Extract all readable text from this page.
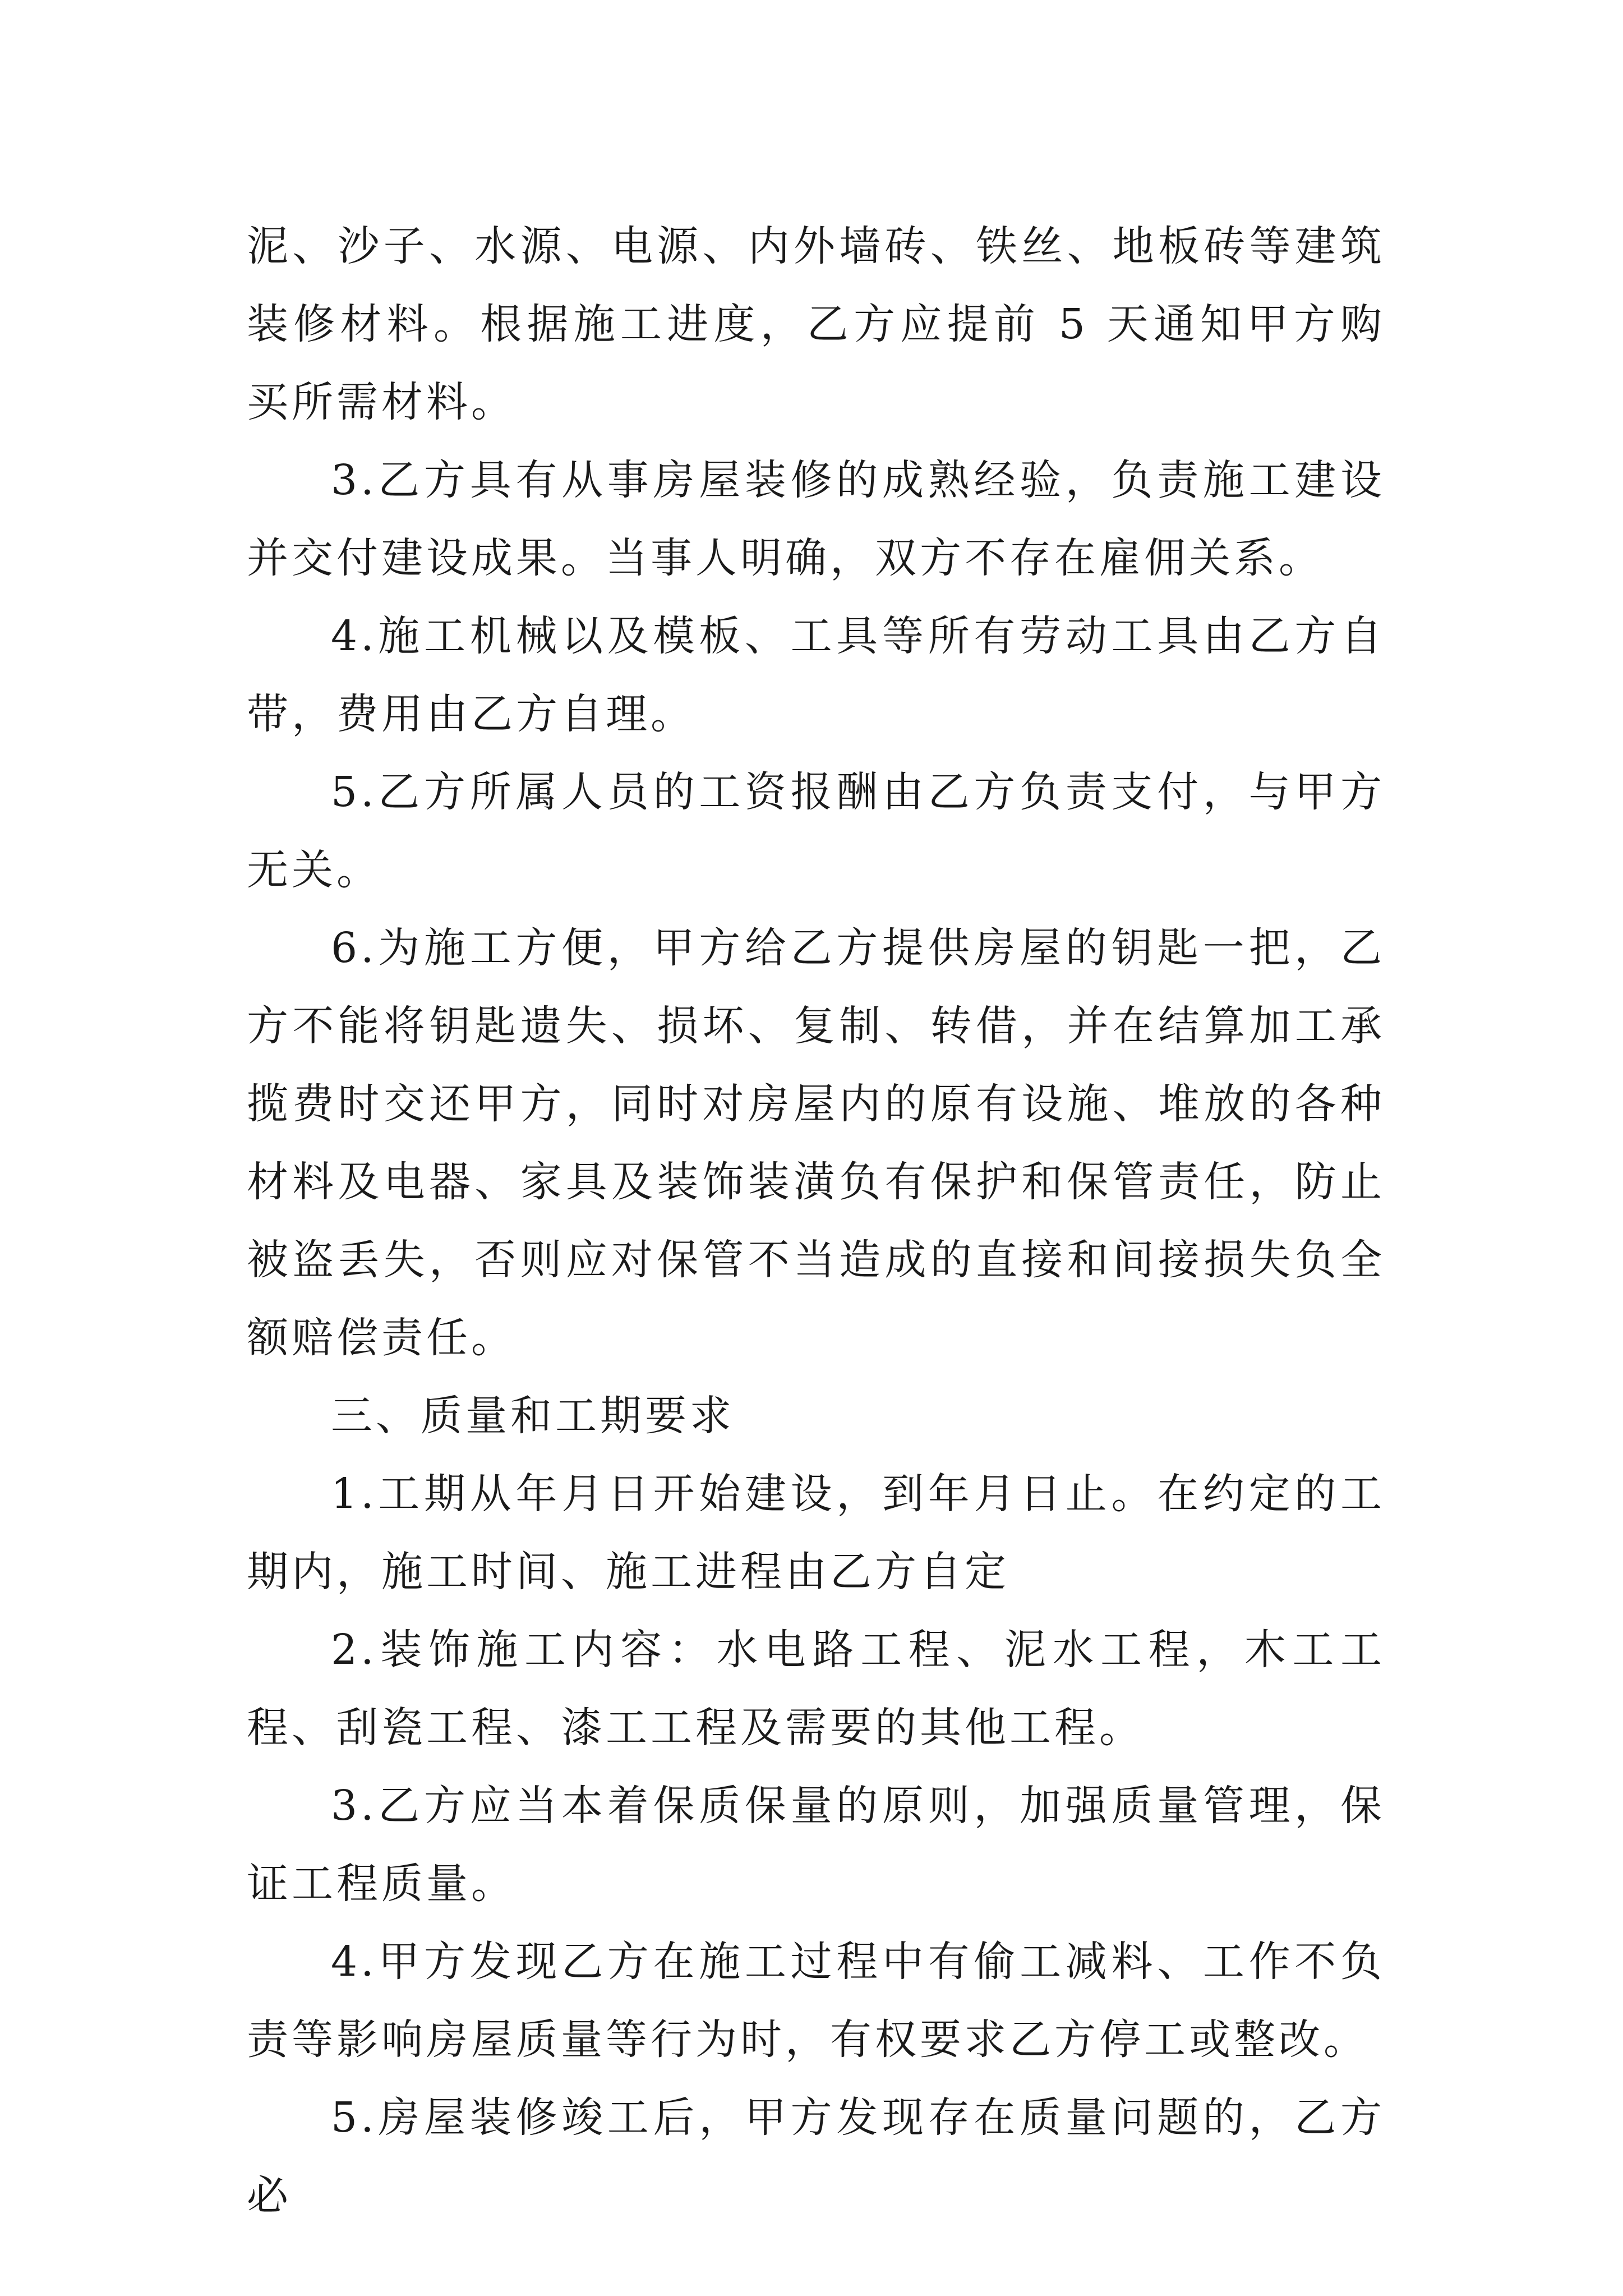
泥、沙子、水源、电源、内外墙砖、铁丝、地板砖等建筑装修材料。根据施工进度，乙方应提前 5 天通知甲方购买所需材料。

3.乙方具有从事房屋装修的成熟经验，负责施工建设并交付建设成果。当事人明确，双方不存在雇佣关系。

4.施工机械以及模板、工具等所有劳动工具由乙方自带，费用由乙方自理。

5.乙方所属人员的工资报酬由乙方负责支付，与甲方无关。

6.为施工方便，甲方给乙方提供房屋的钥匙一把，乙方不能将钥匙遗失、损坏、复制、转借，并在结算加工承揽费时交还甲方，同时对房屋内的原有设施、堆放的各种材料及电器、家具及装饰装潢负有保护和保管责任，防止被盗丢失，否则应对保管不当造成的直接和间接损失负全额赔偿责任。

三、质量和工期要求

1.工期从年月日开始建设，到年月日止。在约定的工期内，施工时间、施工进程由乙方自定

2.装饰施工内容：水电路工程、泥水工程，木工工程、刮瓷工程、漆工工程及需要的其他工程。

3.乙方应当本着保质保量的原则，加强质量管理，保证工程质量。

4.甲方发现乙方在施工过程中有偷工减料、工作不负责等影响房屋质量等行为时，有权要求乙方停工或整改。

5.房屋装修竣工后，甲方发现存在质量问题的，乙方必
